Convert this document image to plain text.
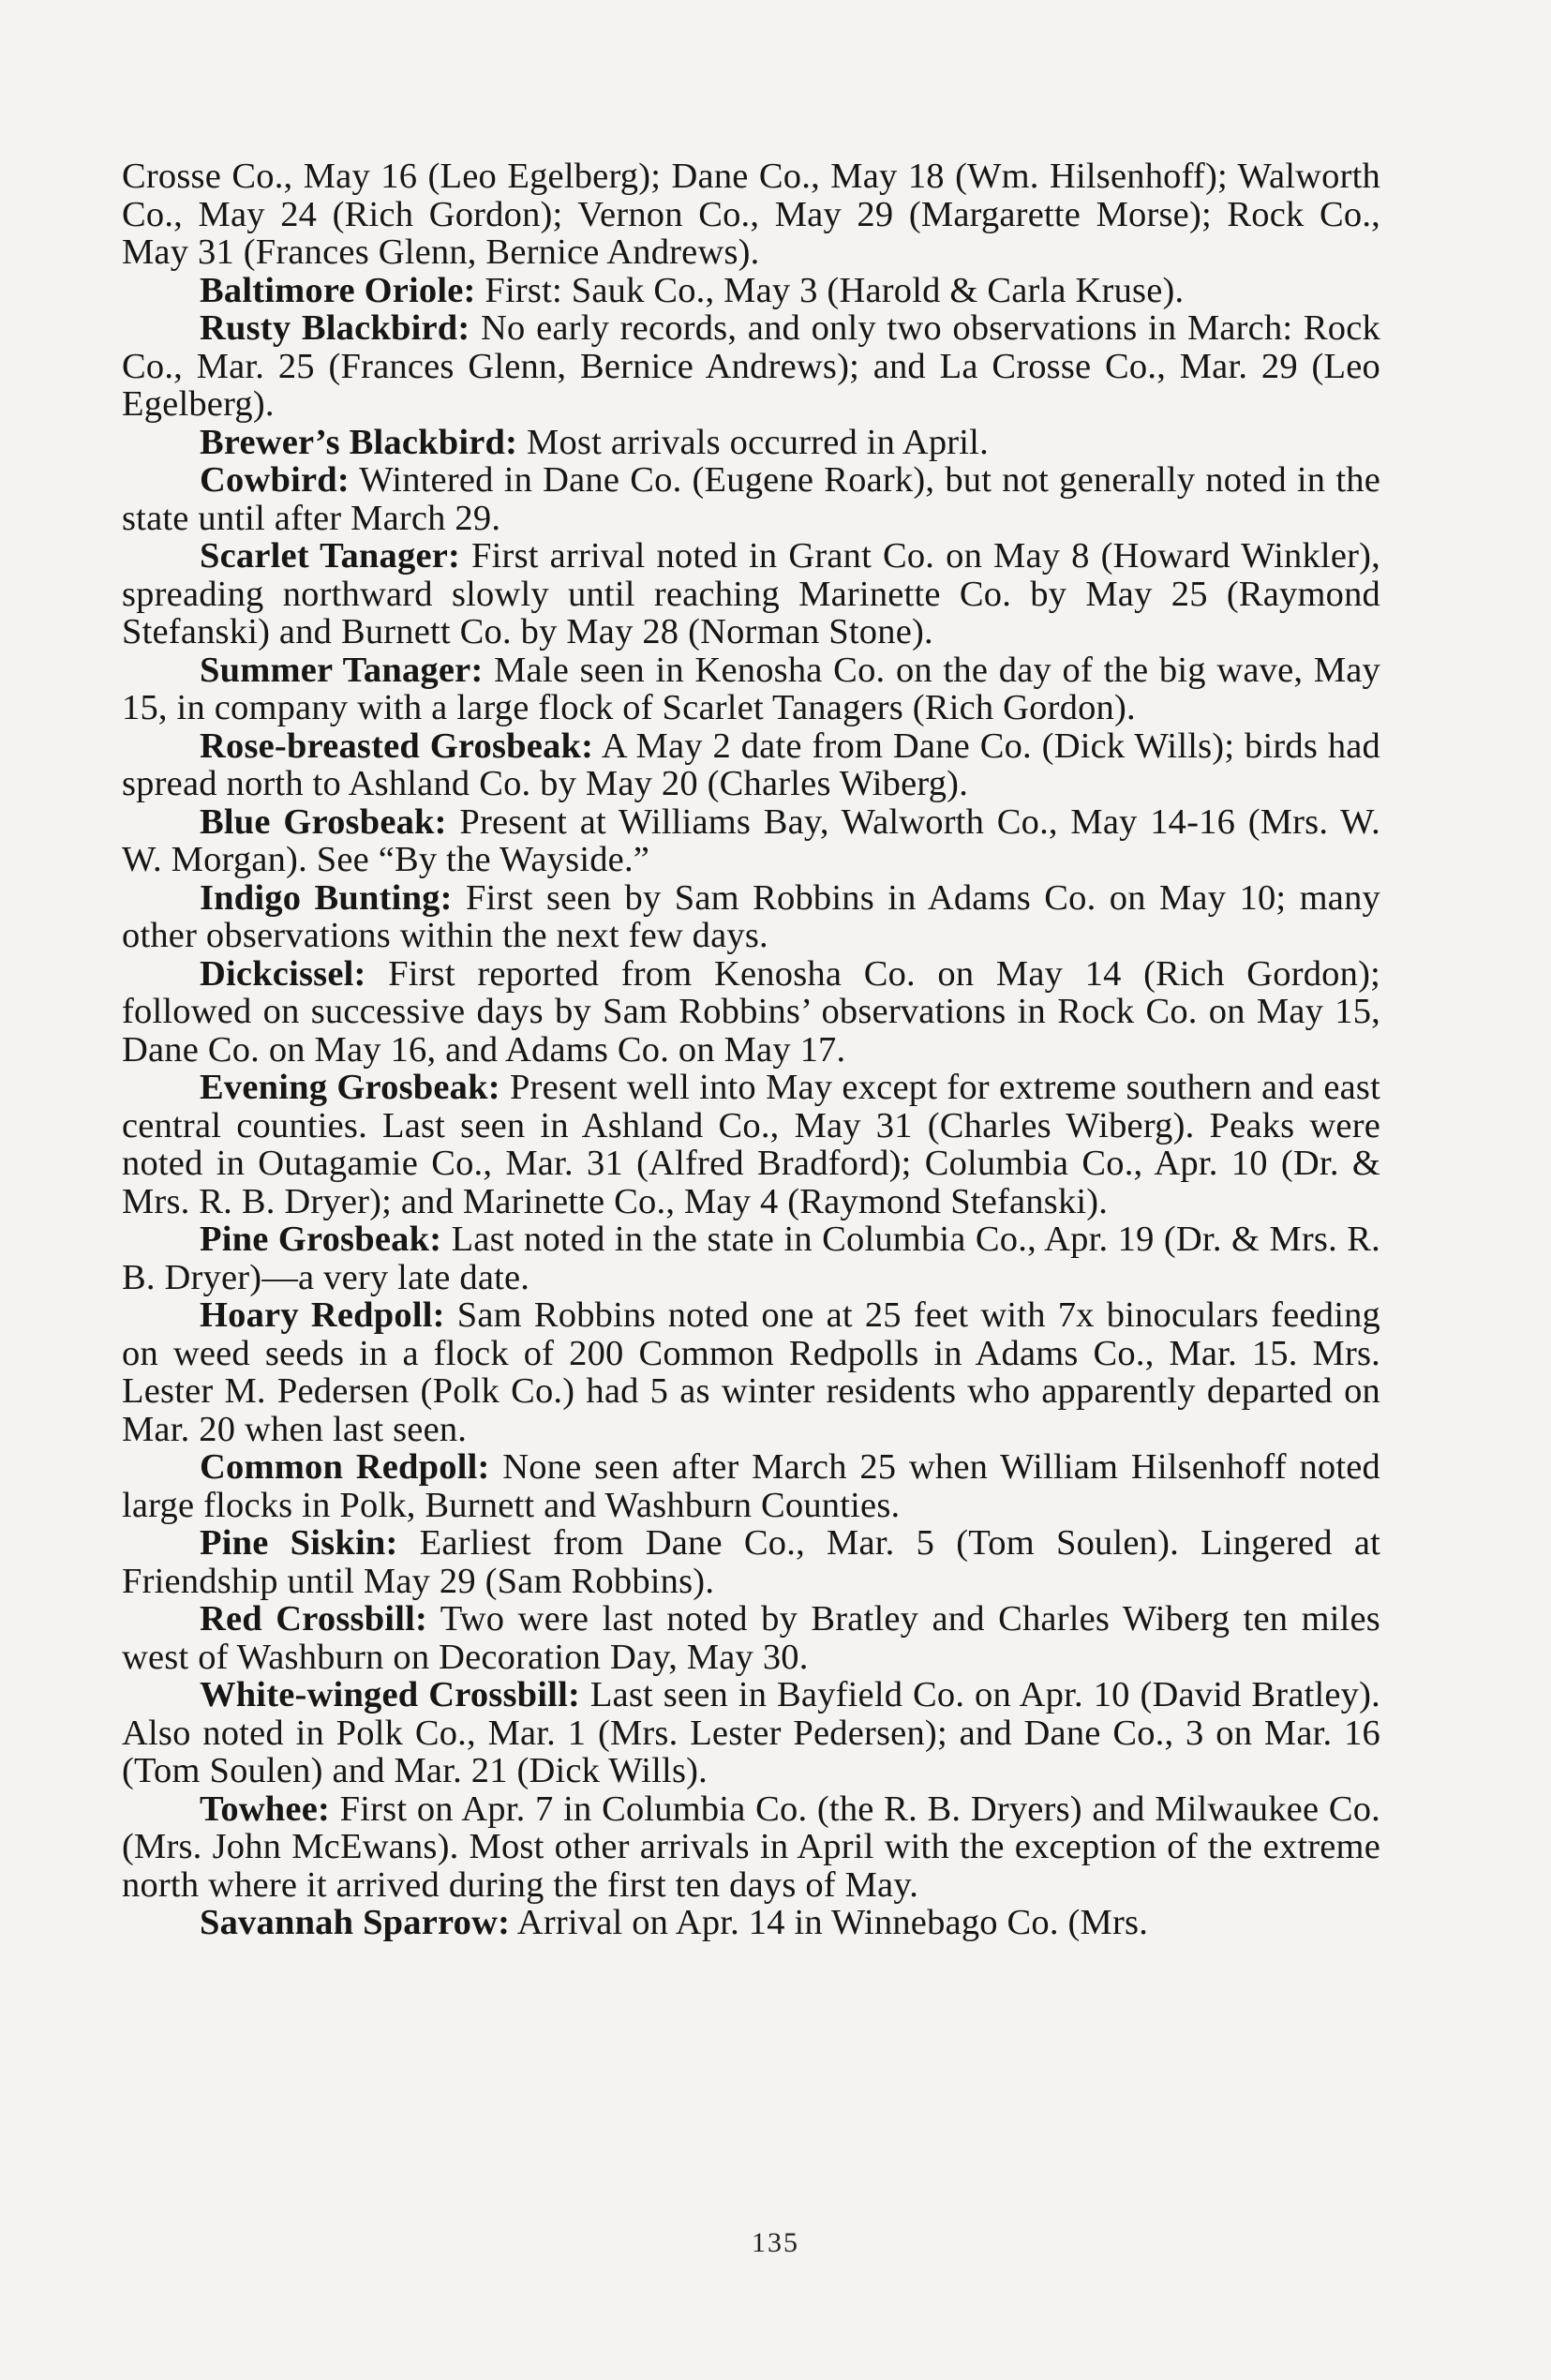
Crosse Co., May 16 (Leo Egelberg); Dane Co., May 18 (Wm. Hilsenhoff); Walworth Co., May 24 (Rich Gordon); Vernon Co., May 29 (Margarette Morse); Rock Co., May 31 (Frances Glenn, Bernice Andrews).

Baltimore Oriole: First: Sauk Co., May 3 (Harold & Carla Kruse).

Rusty Blackbird: No early records, and only two observations in March: Rock Co., Mar. 25 (Frances Glenn, Bernice Andrews); and La Crosse Co., Mar. 29 (Leo Egelberg).

Brewer’s Blackbird: Most arrivals occurred in April.

Cowbird: Wintered in Dane Co. (Eugene Roark), but not generally noted in the state until after March 29.

Scarlet Tanager: First arrival noted in Grant Co. on May 8 (Howard Winkler), spreading northward slowly until reaching Marinette Co. by May 25 (Raymond Stefanski) and Burnett Co. by May 28 (Norman Stone).

Summer Tanager: Male seen in Kenosha Co. on the day of the big wave, May 15, in company with a large flock of Scarlet Tanagers (Rich Gordon).

Rose-breasted Grosbeak: A May 2 date from Dane Co. (Dick Wills); birds had spread north to Ashland Co. by May 20 (Charles Wiberg).

Blue Grosbeak: Present at Williams Bay, Walworth Co., May 14-16 (Mrs. W. W. Morgan). See “By the Wayside.”

Indigo Bunting: First seen by Sam Robbins in Adams Co. on May 10; many other observations within the next few days.

Dickcissel: First reported from Kenosha Co. on May 14 (Rich Gordon); followed on successive days by Sam Robbins’ observations in Rock Co. on May 15, Dane Co. on May 16, and Adams Co. on May 17.

Evening Grosbeak: Present well into May except for extreme southern and east central counties. Last seen in Ashland Co., May 31 (Charles Wiberg). Peaks were noted in Outagamie Co., Mar. 31 (Alfred Bradford); Columbia Co., Apr. 10 (Dr. & Mrs. R. B. Dryer); and Marinette Co., May 4 (Raymond Stefanski).

Pine Grosbeak: Last noted in the state in Columbia Co., Apr. 19 (Dr. & Mrs. R. B. Dryer)—a very late date.

Hoary Redpoll: Sam Robbins noted one at 25 feet with 7x binoculars feeding on weed seeds in a flock of 200 Common Redpolls in Adams Co., Mar. 15. Mrs. Lester M. Pedersen (Polk Co.) had 5 as winter residents who apparently departed on Mar. 20 when last seen.

Common Redpoll: None seen after March 25 when William Hilsenhoff noted large flocks in Polk, Burnett and Washburn Counties.

Pine Siskin: Earliest from Dane Co., Mar. 5 (Tom Soulen). Lingered at Friendship until May 29 (Sam Robbins).

Red Crossbill: Two were last noted by Bratley and Charles Wiberg ten miles west of Washburn on Decoration Day, May 30.

White-winged Crossbill: Last seen in Bayfield Co. on Apr. 10 (David Bratley). Also noted in Polk Co., Mar. 1 (Mrs. Lester Pedersen); and Dane Co., 3 on Mar. 16 (Tom Soulen) and Mar. 21 (Dick Wills).

Towhee: First on Apr. 7 in Columbia Co. (the R. B. Dryers) and Milwaukee Co. (Mrs. John McEwans). Most other arrivals in April with the exception of the extreme north where it arrived during the first ten days of May.

Savannah Sparrow: Arrival on Apr. 14 in Winnebago Co. (Mrs.

135
